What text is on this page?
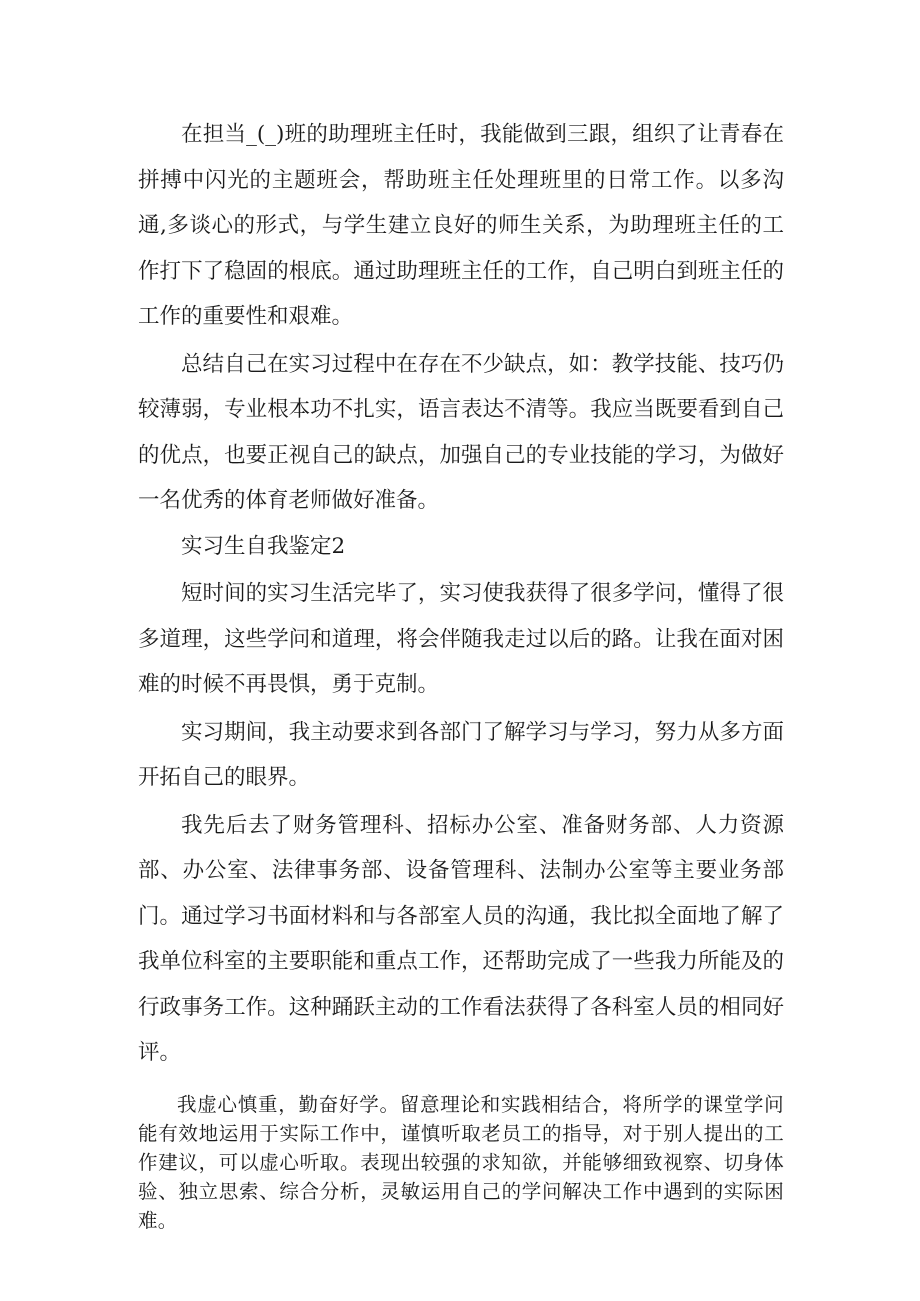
在担当_(_)班的助理班主任时，我能做到三跟，组织了让青春在拼搏中闪光的主题班会，帮助班主任处理班里的日常工作。以多沟通,多谈心的形式，与学生建立良好的师生关系，为助理班主任的工作打下了稳固的根底。通过助理班主任的工作，自己明白到班主任的工作的重要性和艰难。

总结自己在实习过程中在存在不少缺点，如：教学技能、技巧仍较薄弱，专业根本功不扎实，语言表达不清等。我应当既要看到自己的优点，也要正视自己的缺点，加强自己的专业技能的学习，为做好一名优秀的体育老师做好准备。

实习生自我鉴定2

短时间的实习生活完毕了，实习使我获得了很多学问，懂得了很多道理，这些学问和道理，将会伴随我走过以后的路。让我在面对困难的时候不再畏惧，勇于克制。

实习期间，我主动要求到各部门了解学习与学习，努力从多方面开拓自己的眼界。

我先后去了财务管理科、招标办公室、准备财务部、人力资源部、办公室、法律事务部、设备管理科、法制办公室等主要业务部门。通过学习书面材料和与各部室人员的沟通，我比拟全面地了解了我单位科室的主要职能和重点工作，还帮助完成了一些我力所能及的行政事务工作。这种踊跃主动的工作看法获得了各科室人员的相同好评。

我虚心慎重，勤奋好学。留意理论和实践相结合，将所学的课堂学问能有效地运用于实际工作中，谨慎听取老员工的指导，对于别人提出的工作建议，可以虚心听取。表现出较强的求知欲，并能够细致视察、切身体验、独立思索、综合分析，灵敏运用自己的学问解决工作中遇到的实际困难。
